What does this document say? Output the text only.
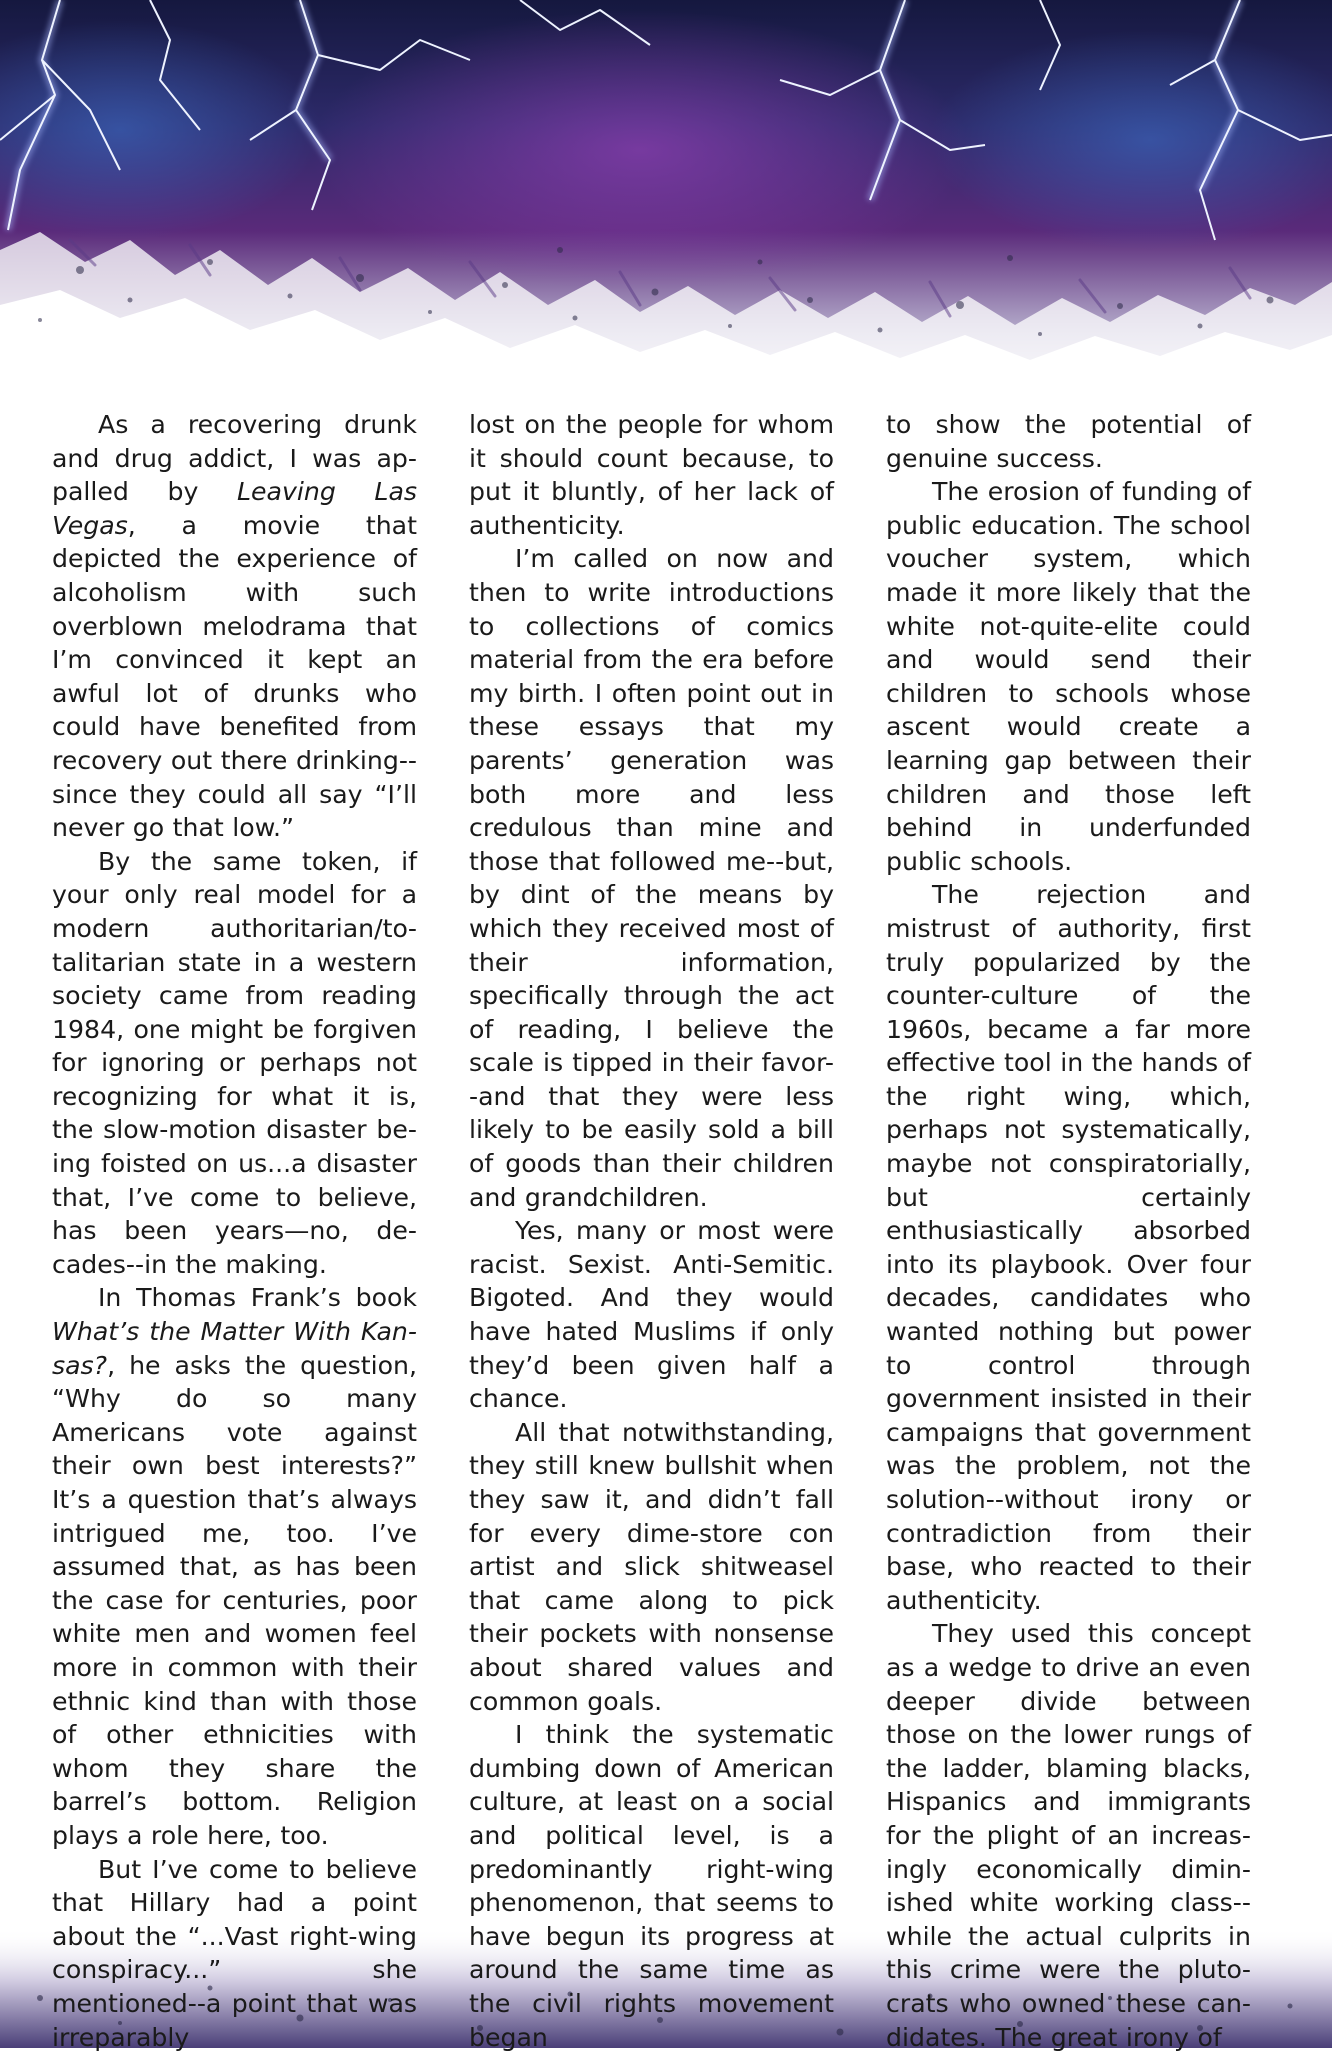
As a recovering drunk and drug addict, I was appalled by Leaving Las Vegas, a movie that depicted the experience of alcoholism with such overblown melodrama that I’m convinced it kept an awful lot of drunks who could have benefited from recovery out there drinking--since they could all say “I’ll never go that low.”

By the same token, if your only real model for a modern authoritarian/totalitarian state in a western society came from reading 1984, one might be forgiven for ignoring or perhaps not recognizing for what it is, the slow-motion disaster being foisted on us...a disaster that, I’ve come to believe, has been years—no, decades--in the making.

In Thomas Frank’s book What’s the Matter With Kansas?, he asks the question, “Why do so many Americans vote against their own best interests?” It’s a question that’s always intrigued me, too. I’ve assumed that, as has been the case for centuries, poor white men and women feel more in common with their ethnic kind than with those of other ethnicities with whom they share the barrel’s bottom. Religion plays a role here, too.

But I’ve come to believe that Hillary had a point about the “...Vast right-wing conspiracy...” she mentioned--a point that was irreparably

lost on the people for whom it should count because, to put it bluntly, of her lack of authenticity.

I’m called on now and then to write introductions to collections of comics material from the era before my birth. I often point out in these essays that my parents’ generation was both more and less credulous than mine and those that followed me--but, by dint of the means by which they received most of their information, specifically through the act of reading, I believe the scale is tipped in their favor--and that they were less likely to be easily sold a bill of goods than their children and grandchildren.

Yes, many or most were racist. Sexist. Anti-Semitic. Bigoted. And they would have hated Muslims if only they’d been given half a chance.

All that notwithstanding, they still knew bullshit when they saw it, and didn’t fall for every dime-store con artist and slick shitweasel that came along to pick their pockets with nonsense about shared values and common goals.

I think the systematic dumbing down of American culture, at least on a social and political level, is a predominantly right-wing phenomenon, that seems to have begun its progress at around the same time as the civil rights movement began

to show the potential of genuine success.

The erosion of funding of public education. The school voucher system, which made it more likely that the white not-quite-elite could and would send their children to schools whose ascent would create a learning gap between their children and those left behind in underfunded public schools.

The rejection and mistrust of authority, first truly popularized by the counter-culture of the 1960s, became a far more effective tool in the hands of the right wing, which, perhaps not systematically, maybe not conspiratorially, but certainly enthusiastically absorbed into its playbook. Over four decades, candidates who wanted nothing but power to control through government insisted in their campaigns that government was the problem, not the solution--without irony or contradiction from their base, who reacted to their authenticity.

They used this concept as a wedge to drive an even deeper divide between those on the lower rungs of the ladder, blaming blacks, Hispanics and immigrants for the plight of an increasingly economically diminished white working class--while the actual culprits in this crime were the plutocrats who owned these candidates. The great irony of
